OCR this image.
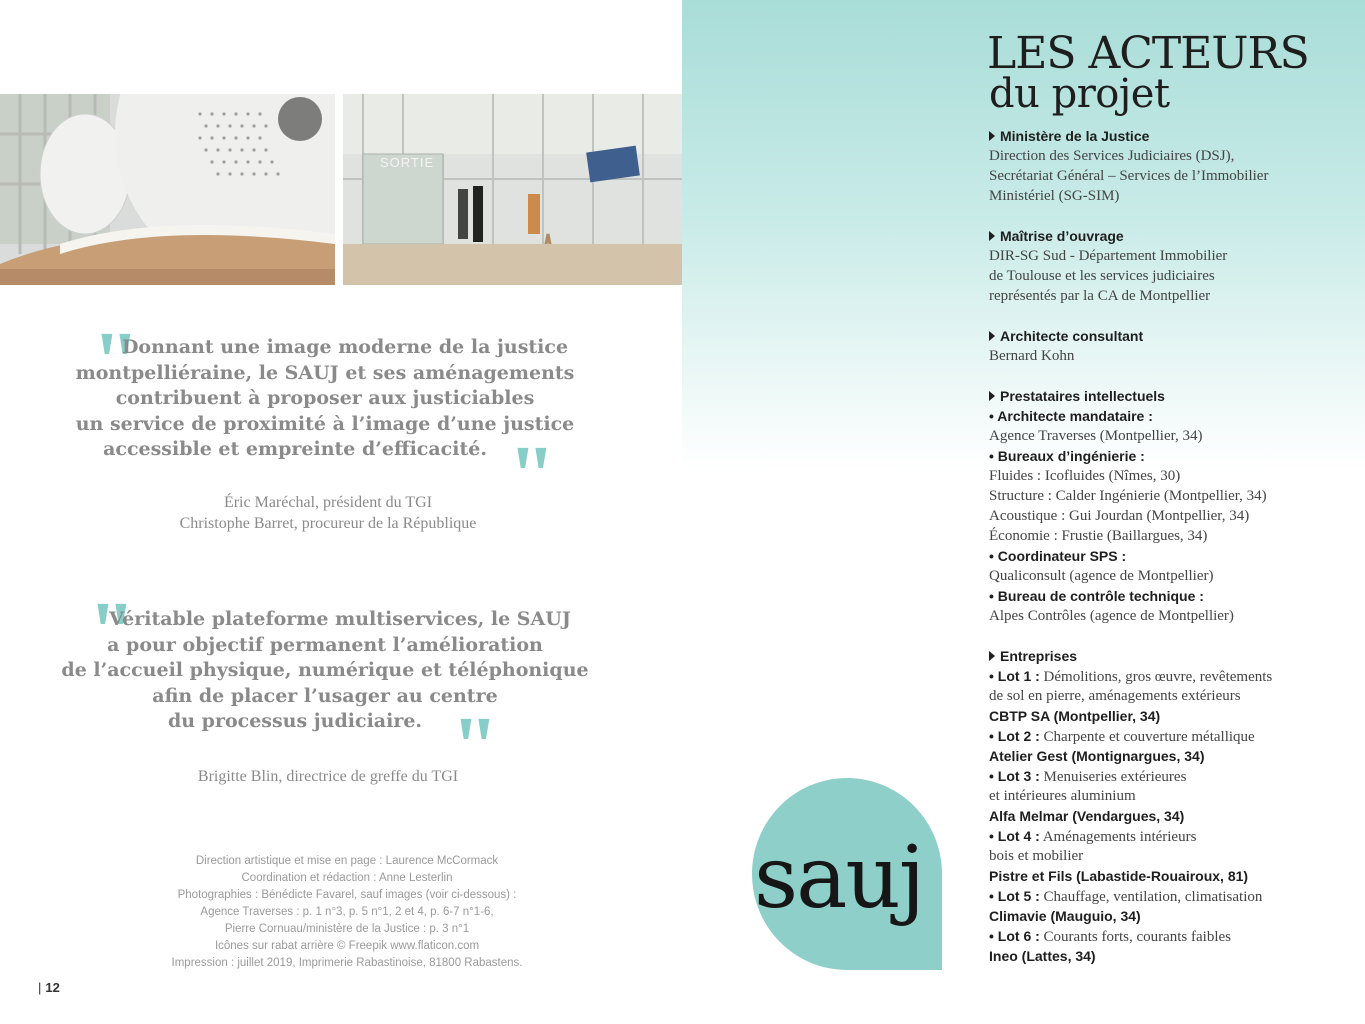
SORTIE
"
Donnant une image moderne de la justice
montpelliéraine, le SAUJ et ses aménagements
contribuent à proposer aux justiciables
un service de proximité à l’image d’une justice
accessible et empreinte d’efficacité. "
Éric Maréchal, président du TGI
Christophe Barret, procureur de la République
"
Véritable plateforme multiservices, le SAUJ
a pour objectif permanent l’amélioration
de l’accueil physique, numérique et téléphonique
afin de placer l’usager au centre
du processus judiciaire. "
Brigitte Blin, directrice de greffe du TGI
Direction artistique et mise en page : Laurence McCormack
Coordination et rédaction : Anne Lesterlin
Photographies : Bénédicte Favarel, sauf images (voir ci-dessous) :
Agence Traverses : p. 1 n°3, p. 5 n°1, 2 et 4, p. 6-7 n°1-6,
Pierre Cornuau/ministère de la Justice : p. 3 n°1
Icônes sur rabat arrière © Freepik www.flaticon.com
Impression : juillet 2019, Imprimerie Rabastinoise, 81800 Rabastens.
| 12
LES ACTEURS
du projet
Ministère de la Justice
Direction des Services Judiciaires (DSJ),
Secrétariat Général – Services de l’Immobilier
Ministériel (SG-SIM)
Maîtrise d’ouvrage
DIR-SG Sud - Département Immobilier
de Toulouse et les services judiciaires
représentés par la CA de Montpellier
Architecte consultant
Bernard Kohn
Prestataires intellectuels
• Architecte mandataire :
Agence Traverses (Montpellier, 34)
• Bureaux d’ingénierie :
Fluides : Icofluides (Nîmes, 30)
Structure : Calder Ingénierie (Montpellier, 34)
Acoustique : Gui Jourdan (Montpellier, 34)
Économie : Frustie (Baillargues, 34)
• Coordinateur SPS :
Qualiconsult (agence de Montpellier)
• Bureau de contrôle technique :
Alpes Contrôles (agence de Montpellier)
Entreprises
• Lot 1 : Démolitions, gros œuvre, revêtements
de sol en pierre, aménagements extérieurs
CBTP SA (Montpellier, 34)
• Lot 2 : Charpente et couverture métallique
Atelier Gest (Montignargues, 34)
• Lot 3 : Menuiseries extérieures
et intérieures aluminium
Alfa Melmar (Vendargues, 34)
• Lot 4 : Aménagements intérieurs
bois et mobilier
Pistre et Fils (Labastide-Rouairoux, 81)
• Lot 5 : Chauffage, ventilation, climatisation
Climavie (Mauguio, 34)
• Lot 6 : Courants forts, courants faibles
Ineo (Lattes, 34)
sauj
